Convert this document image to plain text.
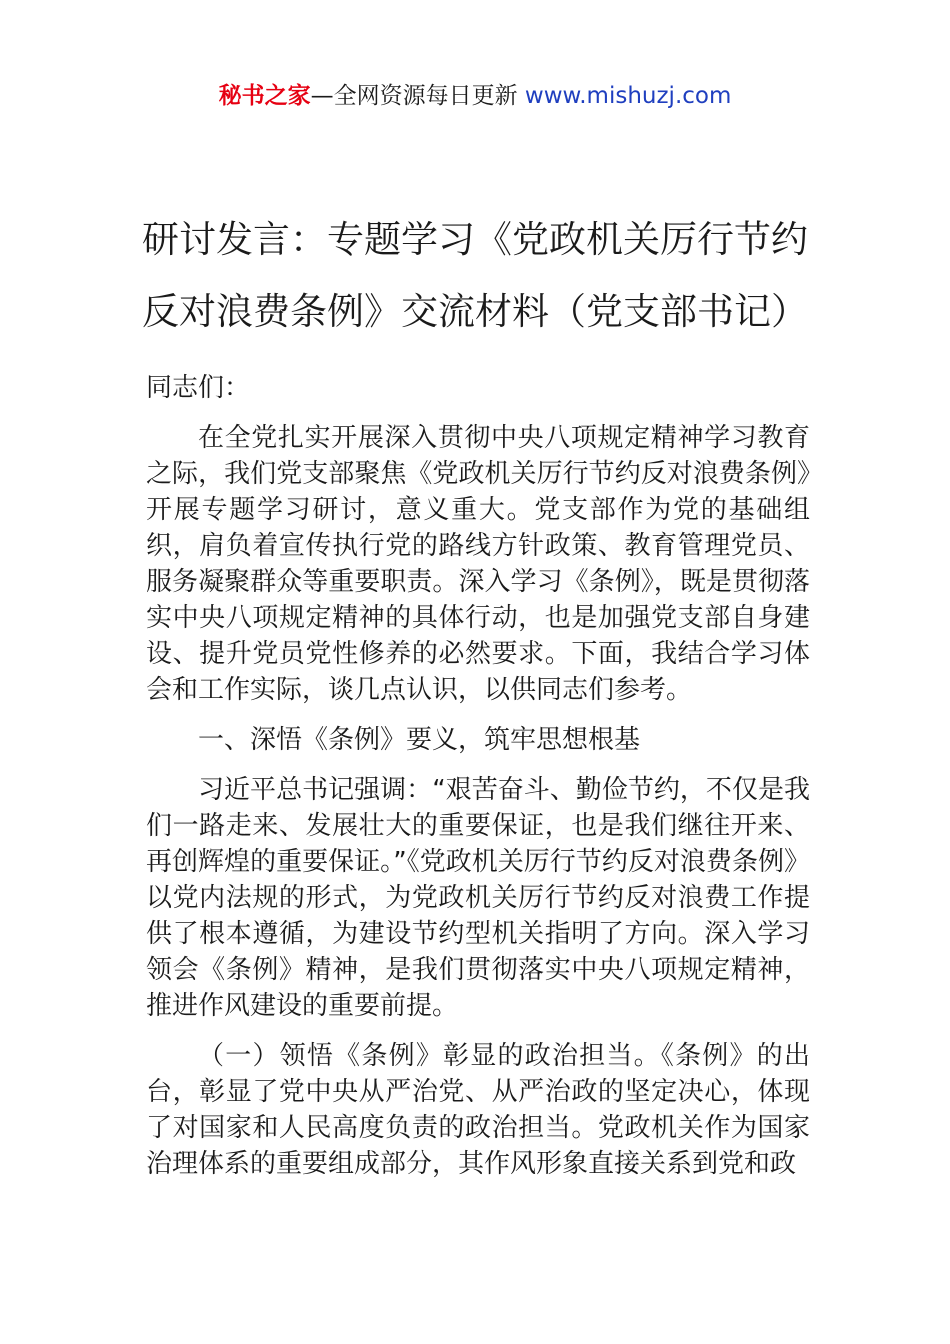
秘书之家—全网资源每日更新 www.mishuzj.com
研讨发言：专题学习《党政机关厉行节约
反对浪费条例》交流材料（党支部书记）

同志们：

在全党扎实开展深入贯彻中央八项规定精神学习教育之际，我们党支部聚焦《党政机关厉行节约反对浪费条例》开展专题学习研讨，意义重大。党支部作为党的基础组织，肩负着宣传执行党的路线方针政策、教育管理党员、服务凝聚群众等重要职责。深入学习《条例》，既是贯彻落实中央八项规定精神的具体行动，也是加强党支部自身建设、提升党员党性修养的必然要求。下面，我结合学习体会和工作实际，谈几点认识，以供同志们参考。

一、深悟《条例》要义，筑牢思想根基

习近平总书记强调：“艰苦奋斗、勤俭节约，不仅是我们一路走来、发展壮大的重要保证，也是我们继往开来、再创辉煌的重要保证。”《党政机关厉行节约反对浪费条例》以党内法规的形式，为党政机关厉行节约反对浪费工作提供了根本遵循，为建设节约型机关指明了方向。深入学习领会《条例》精神，是我们贯彻落实中央八项规定精神，推进作风建设的重要前提。

（一）领悟《条例》彰显的政治担当。《条例》的出台，彰显了党中央从严治党、从严治政的坚定决心，体现了对国家和人民高度负责的政治担当。党政机关作为国家治理体系的重要组成部分，其作风形象直接关系到党和政
